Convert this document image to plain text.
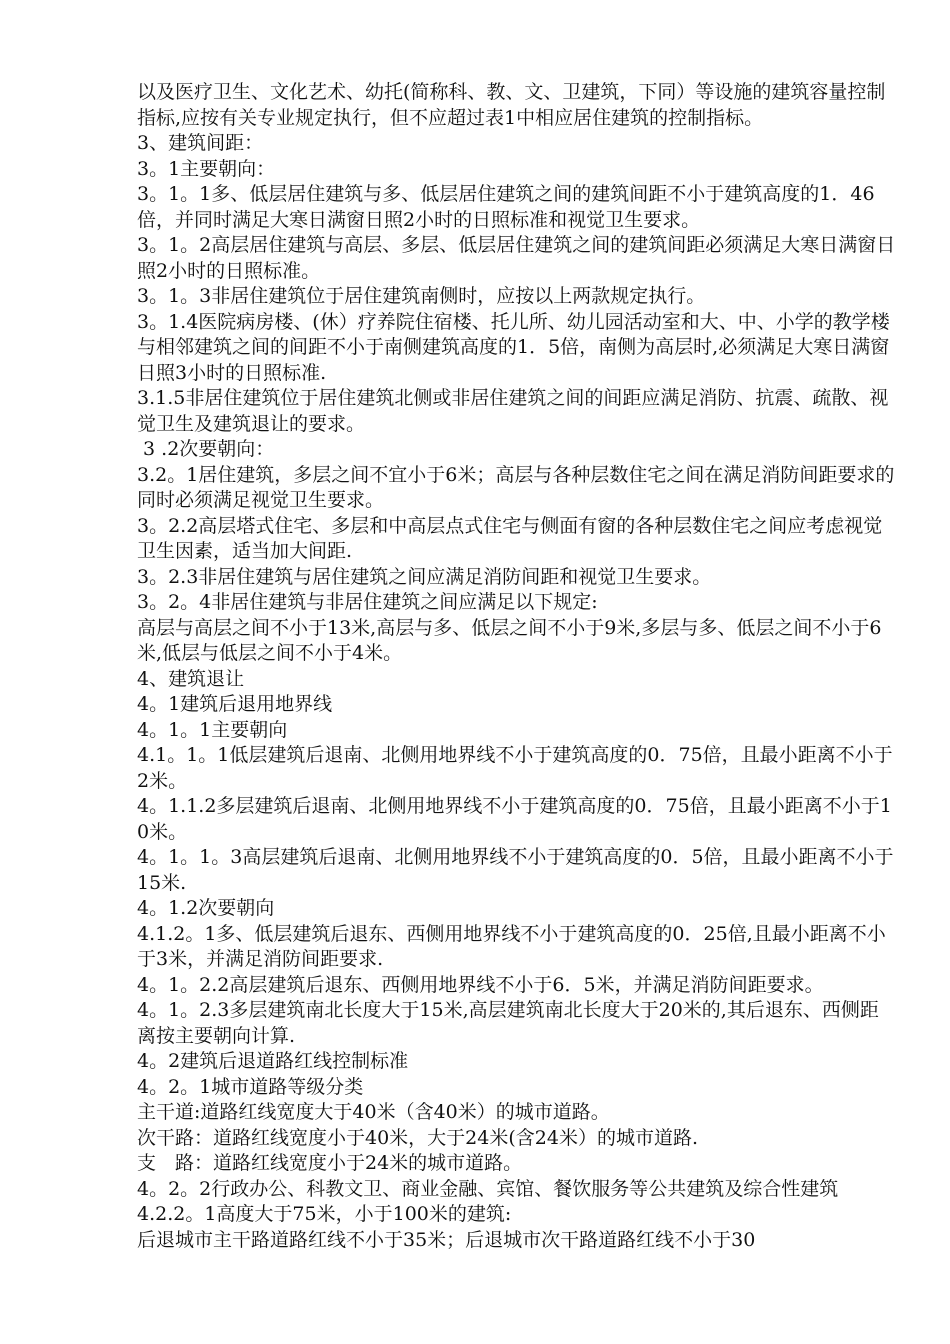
以及医疗卫生、文化艺术、幼托(简称科、教、文、卫建筑，下同）等设施的建筑容量控制指标,应按有关专业规定执行，但不应超过表1中相应居住建筑的控制指标。

3、建筑间距：

3。1主要朝向：

3。1。1多、低层居住建筑与多、低层居住建筑之间的建筑间距不小于建筑高度的1．46倍，并同时满足大寒日满窗日照2小时的日照标准和视觉卫生要求。

3。1。2高层居住建筑与高层、多层、低层居住建筑之间的建筑间距必须满足大寒日满窗日照2小时的日照标准。

3。1。3非居住建筑位于居住建筑南侧时，应按以上两款规定执行。

3。1.4医院病房楼、(休）疗养院住宿楼、托儿所、幼儿园活动室和大、中、小学的教学楼与相邻建筑之间的间距不小于南侧建筑高度的1．5倍，南侧为高层时,必须满足大寒日满窗日照3小时的日照标准.

3.1.5非居住建筑位于居住建筑北侧或非居住建筑之间的间距应满足消防、抗震、疏散、视觉卫生及建筑退让的要求。

3 .2次要朝向：

3.2。1居住建筑，多层之间不宜小于6米；高层与各种层数住宅之间在满足消防间距要求的同时必须满足视觉卫生要求。

3。2.2高层塔式住宅、多层和中高层点式住宅与侧面有窗的各种层数住宅之间应考虑视觉卫生因素，适当加大间距.

3。2.3非居住建筑与居住建筑之间应满足消防间距和视觉卫生要求。

3。2。4非居住建筑与非居住建筑之间应满足以下规定:

高层与高层之间不小于13米,高层与多、低层之间不小于9米,多层与多、低层之间不小于6米,低层与低层之间不小于4米。

4、建筑退让

4。1建筑后退用地界线

4。1。1主要朝向

4.1。1。1低层建筑后退南、北侧用地界线不小于建筑高度的0．75倍，且最小距离不小于2米。

4。1.1.2多层建筑后退南、北侧用地界线不小于建筑高度的0．75倍，且最小距离不小于10米。

4。1。1。3高层建筑后退南、北侧用地界线不小于建筑高度的0．5倍，且最小距离不小于15米.

4。1.2次要朝向

4.1.2。1多、低层建筑后退东、西侧用地界线不小于建筑高度的0．25倍,且最小距离不小于3米，并满足消防间距要求.

4。1。2.2高层建筑后退东、西侧用地界线不小于6．5米，并满足消防间距要求。

4。1。2.3多层建筑南北长度大于15米,高层建筑南北长度大于20米的,其后退东、西侧距离按主要朝向计算.

4。2建筑后退道路红线控制标准

4。2。1城市道路等级分类

主干道:道路红线宽度大于40米（含40米）的城市道路。

次干路：道路红线宽度小于40米，大于24米(含24米）的城市道路.

支　路：道路红线宽度小于24米的城市道路。

4。2。2行政办公、科教文卫、商业金融、宾馆、餐饮服务等公共建筑及综合性建筑

4.2.2。1高度大于75米，小于100米的建筑:

后退城市主干路道路红线不小于35米；后退城市次干路道路红线不小于30
